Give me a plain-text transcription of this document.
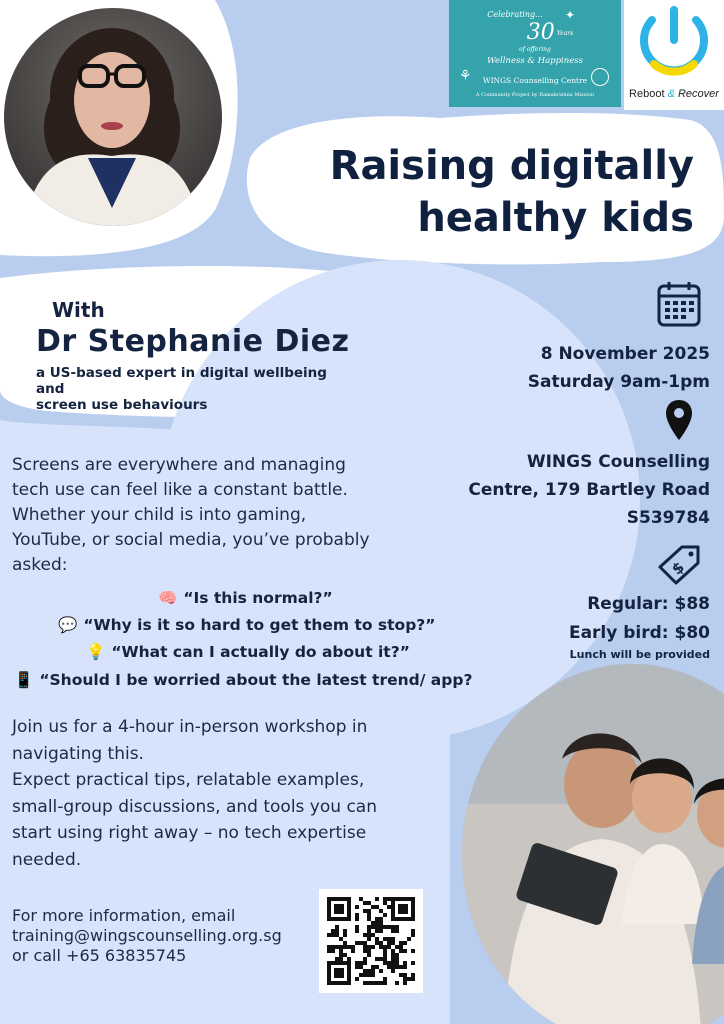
Celebrating...
30 Years
of offering
Wellness & Happiness
⚘	WINGS Counselling Centre
A Community Project by Ramakrishna Mission
✦
Reboot & Recover
Raising digitally
healthy kids
With
Dr Stephanie Diez
a US-based expert in digital wellbeing and
screen use behaviours
8 November 2025
Saturday 9am-1pm
WINGS Counselling
Centre, 179 Bartley Road
S539784
$
Regular: $88
Early bird: $80
Lunch will be provided
Screens are everywhere and managing
tech use can feel like a constant battle.
Whether your child is into gaming,
YouTube, or social media, you’ve probably
asked:
🧠 “Is this normal?”
💬 “Why is it so hard to get them to stop?”
💡 “What can I actually do about it?”
📱 “Should I be worried about the latest trend/ app?
Join us for a 4-hour in-person workshop in
navigating this.
Expect practical tips, relatable examples,
small-group discussions, and tools you can
start using right away – no tech expertise
needed.
For more information, email
training@wingscounselling.org.sg
or call +65 63835745
